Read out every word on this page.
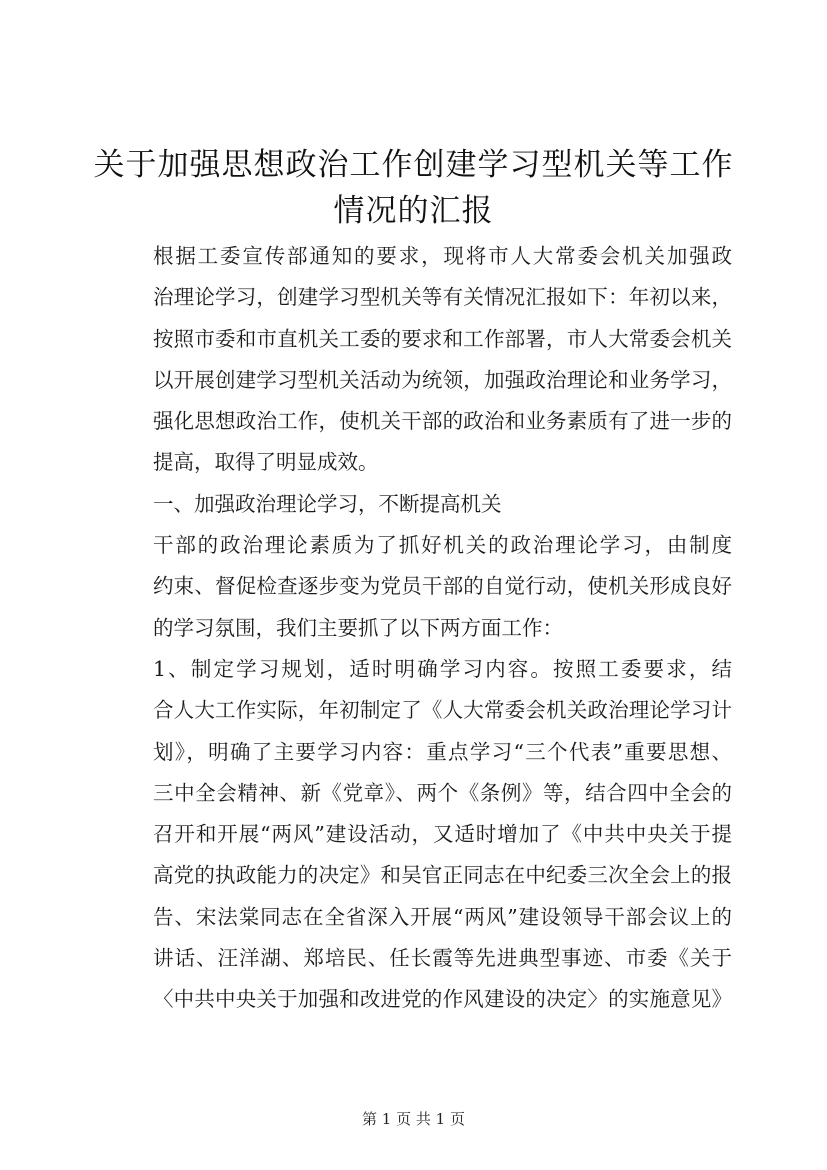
关于加强思想政治工作创建学习型机关等工作
情况的汇报
根据工委宣传部通知的要求，现将市人大常委会机关加强政
治理论学习，创建学习型机关等有关情况汇报如下：年初以来，
按照市委和市直机关工委的要求和工作部署，市人大常委会机关
以开展创建学习型机关活动为统领，加强政治理论和业务学习，
强化思想政治工作，使机关干部的政治和业务素质有了进一步的
提高，取得了明显成效。
一、加强政治理论学习，不断提高机关
干部的政治理论素质为了抓好机关的政治理论学习，由制度
约束、督促检查逐步变为党员干部的自觉行动，使机关形成良好
的学习氛围，我们主要抓了以下两方面工作：
1、制定学习规划，适时明确学习内容。按照工委要求，结
合人大工作实际，年初制定了《人大常委会机关政治理论学习计
划》，明确了主要学习内容：重点学习“三个代表”重要思想、
三中全会精神、新《党章》、两个《条例》等，结合四中全会的
召开和开展“两风”建设活动，又适时增加了《中共中央关于提
高党的执政能力的决定》和吴官正同志在中纪委三次全会上的报
告、宋法棠同志在全省深入开展“两风”建设领导干部会议上的
讲话、汪洋湖、郑培民、任长霞等先进典型事迹、市委《关于
〈中共中央关于加强和改进党的作风建设的决定〉的实施意见》
第 1 页 共 1 页
